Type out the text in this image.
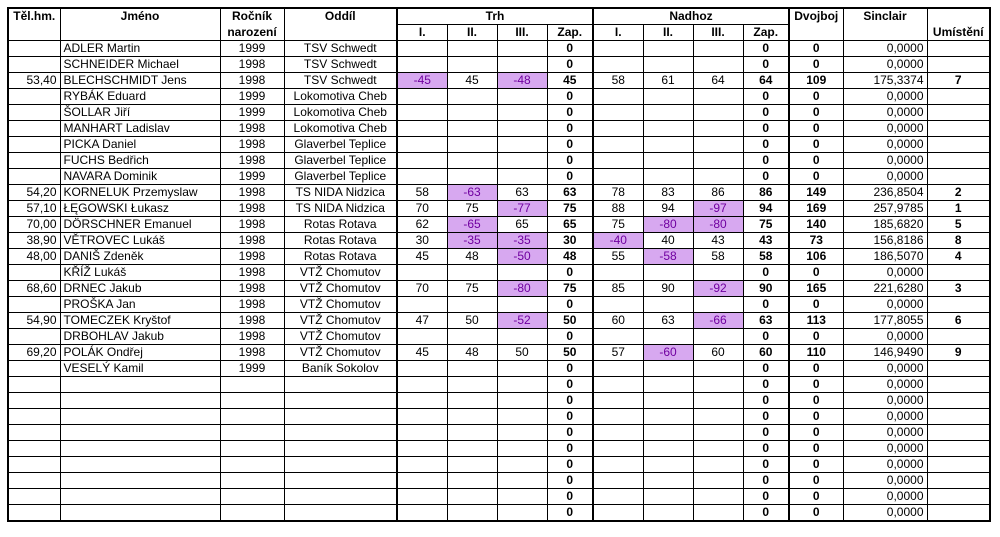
Těl.hm.	Jméno	Ročník	Oddíl	Trh				Nadhoz				Dvojboj	Sinclair	Umístění
		narození		I.	II.	III.	Zap.	I.	II.	III.	Zap.			
	ADLER Martin	1999	TSV Schwedt				0				0	0	0,0000	
	SCHNEIDER Michael	1998	TSV Schwedt				0				0	0	0,0000	
53,40	BLECHSCHMIDT Jens	1998	TSV Schwedt	-45	45	-48	45	58	61	64	64	109	175,3374	7
	RYBÁK Eduard	1999	Lokomotiva Cheb				0				0	0	0,0000	
	ŠOLLAR Jiří	1999	Lokomotiva Cheb				0				0	0	0,0000	
	MANHART Ladislav	1998	Lokomotiva Cheb				0				0	0	0,0000	
	PICKA Daniel	1998	Glaverbel Teplice				0				0	0	0,0000	
	FUCHS Bedřich	1998	Glaverbel Teplice				0				0	0	0,0000	
	NAVARA Dominik	1999	Glaverbel Teplice				0				0	0	0,0000	
54,20	KORNELUK Przemyslaw	1998	TS NIDA Nidzica	58	-63	63	63	78	83	86	86	149	236,8504	2
57,10	ŁĘGOWSKI Łukasz	1998	TS NIDA Nidzica	70	75	-77	75	88	94	-97	94	169	257,9785	1
70,00	DÖRSCHNER Emanuel	1998	Rotas Rotava	62	-65	65	65	75	-80	-80	75	140	185,6820	5
38,90	VĚTROVEC Lukáš	1998	Rotas Rotava	30	-35	-35	30	-40	40	43	43	73	156,8186	8
48,00	DANIŠ Zdeněk	1998	Rotas Rotava	45	48	-50	48	55	-58	58	58	106	186,5070	4
	KŘÍŽ Lukáš	1998	VTŽ Chomutov				0				0	0	0,0000	
68,60	DRNEC Jakub	1998	VTŽ Chomutov	70	75	-80	75	85	90	-92	90	165	221,6280	3
	PROŠKA Jan	1998	VTŽ Chomutov				0				0	0	0,0000	
54,90	TOMECZEK Kryštof	1998	VTŽ Chomutov	47	50	-52	50	60	63	-66	63	113	177,8055	6
	DRBOHLAV Jakub	1998	VTŽ Chomutov				0				0	0	0,0000	
69,20	POLÁK Ondřej	1998	VTŽ Chomutov	45	48	50	50	57	-60	60	60	110	146,9490	9
	VESELÝ Kamil	1999	Baník Sokolov				0				0	0	0,0000	
							0				0	0	0,0000	
							0				0	0	0,0000	
							0				0	0	0,0000	
							0				0	0	0,0000	
							0				0	0	0,0000	
							0				0	0	0,0000	
							0				0	0	0,0000	
							0				0	0	0,0000	
							0				0	0	0,0000	
